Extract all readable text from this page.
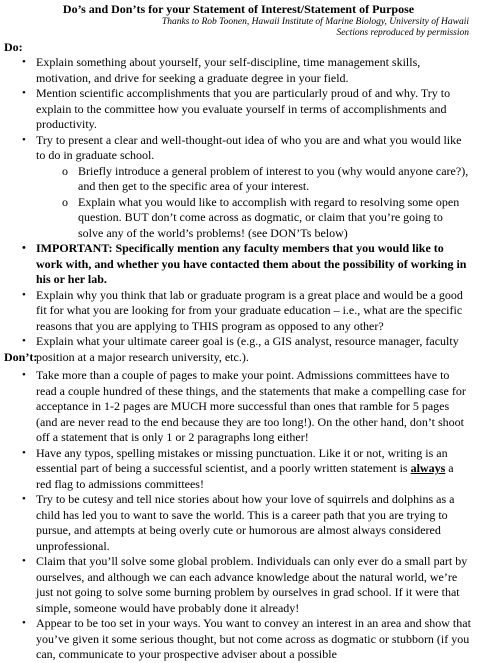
Do’s and Don’ts for your Statement of Interest/Statement of Purpose
Thanks to Rob Toonen, Hawaii Institute of Marine Biology, University of Hawaii Sections reproduced by permission
Do:
• Explain something about yourself, your self-discipline, time management skills, motivation, and drive for seeking a graduate degree in your field.
• Mention scientific accomplishments that you are particularly proud of and why. Try to explain to the committee how you evaluate yourself in terms of accomplishments and productivity.
• Try to present a clear and well-thought-out idea of who you are and what you would like to do in graduate school.
o Briefly introduce a general problem of interest to you (why would anyone care?), and then get to the specific area of your interest.
o Explain what you would like to accomplish with regard to resolving some open question. BUT don’t come across as dogmatic, or claim that you’re going to solve any of the world’s problems! (see DON’Ts below)
• IMPORTANT: Specifically mention any faculty members that you would like to work with, and whether you have contacted them about the possibility of working in his or her lab.
• Explain why you think that lab or graduate program is a great place and would be a good fit for what you are looking for from your graduate education – i.e., what are the specific reasons that you are applying to THIS program as opposed to any other?
• Explain what your ultimate career goal is (e.g., a GIS analyst, resource manager, faculty position at a major research university, etc.).
Don’t:
• Take more than a couple of pages to make your point. Admissions committees have to read a couple hundred of these things, and the statements that make a compelling case for acceptance in 1-2 pages are MUCH more successful than ones that ramble for 5 pages (and are never read to the end because they are too long!). On the other hand, don’t shoot off a statement that is only 1 or 2 paragraphs long either!
• Have any typos, spelling mistakes or missing punctuation. Like it or not, writing is an essential part of being a successful scientist, and a poorly written statement is always a red flag to admissions committees!
• Try to be cutesy and tell nice stories about how your love of squirrels and dolphins as a child has led you to want to save the world. This is a career path that you are trying to pursue, and attempts at being overly cute or humorous are almost always considered unprofessional.
• Claim that you’ll solve some global problem. Individuals can only ever do a small part by ourselves, and although we can each advance knowledge about the natural world, we’re just not going to solve some burning problem by ourselves in grad school. If it were that simple, someone would have probably done it already!
• Appear to be too set in your ways. You want to convey an interest in an area and show that you’ve given it some serious thought, but not come across as dogmatic or stubborn (if you can, communicate to your prospective adviser about a possible
